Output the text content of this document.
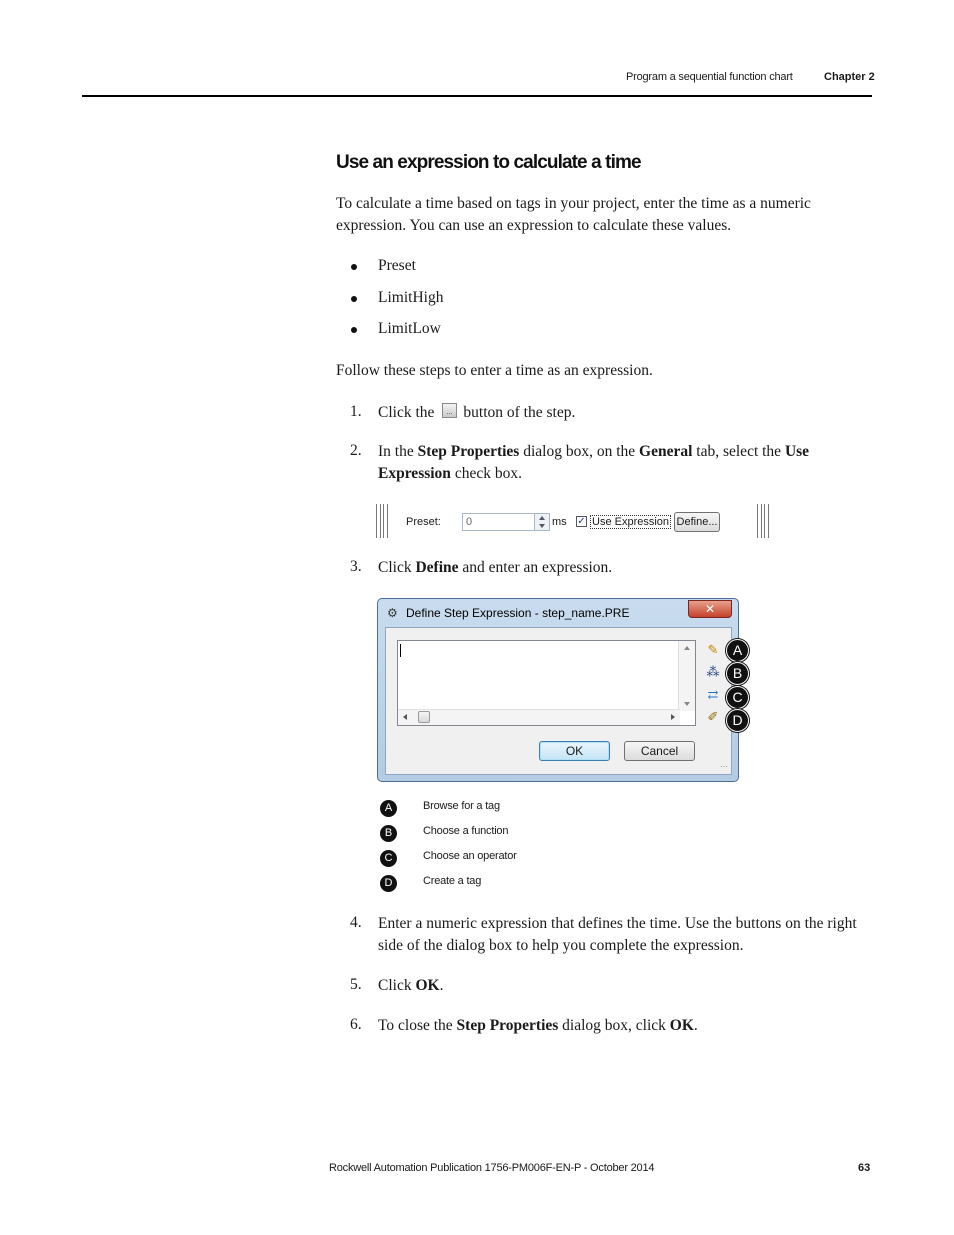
Program a sequential function chart	Chapter 2
Use an expression to calculate a time
To calculate a time based on tags in your project, enter the time as a numeric expression. You can use an expression to calculate these values.
Preset
LimitHigh
LimitLow
Follow these steps to enter a time as an expression.
1. Click the ... button of the step.
2. In the Step Properties dialog box, on the General tab, select the Use Expression check box.
Preset:	0	ms ✓ Use Expression Define...
3. Click Define and enter an expression.
⚙ Define Step Expression - step_name.PRE	✕
✎
⁂
⇄
✐
OK	Cancel
⋯
A
B
C
D
A	Browse for a tag
B	Choose a function
C	Choose an operator
D	Create a tag
4. Enter a numeric expression that defines the time. Use the buttons on the right side of the dialog box to help you complete the expression.
5. Click OK.
6. To close the Step Properties dialog box, click OK.
Rockwell Automation Publication 1756-PM006F-EN-P - October 2014	63
